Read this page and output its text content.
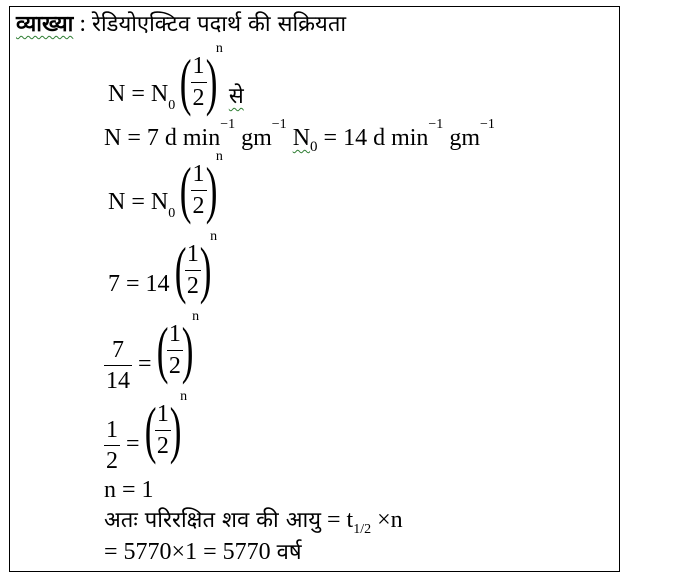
व्याख्या : रेडियोएक्टिव पदार्थ की सक्रियता
$N = N_0$ (
$\frac{1}{2}$
)
$^n$ से
N = 7 d $\min^{-1} gm^{-1}$ $N_0 = 14$ d $\min^{-1} gm^{-1}$
$N = N_0$ (
$\frac{1}{2}$
)
$^n$
7 = 14 (
$\frac{1}{2}$
)
$^n$
$\frac{7}{14}$ = (
$\frac{1}{2}$
)
$^n$
$\frac{1}{2}$ = (
$\frac{1}{2}$
)
$^n$
n = 1
अतः परिरक्षित शव की आयु = $t_{1/2} \times n$
= 5770×1 = 5770 वर्ष
